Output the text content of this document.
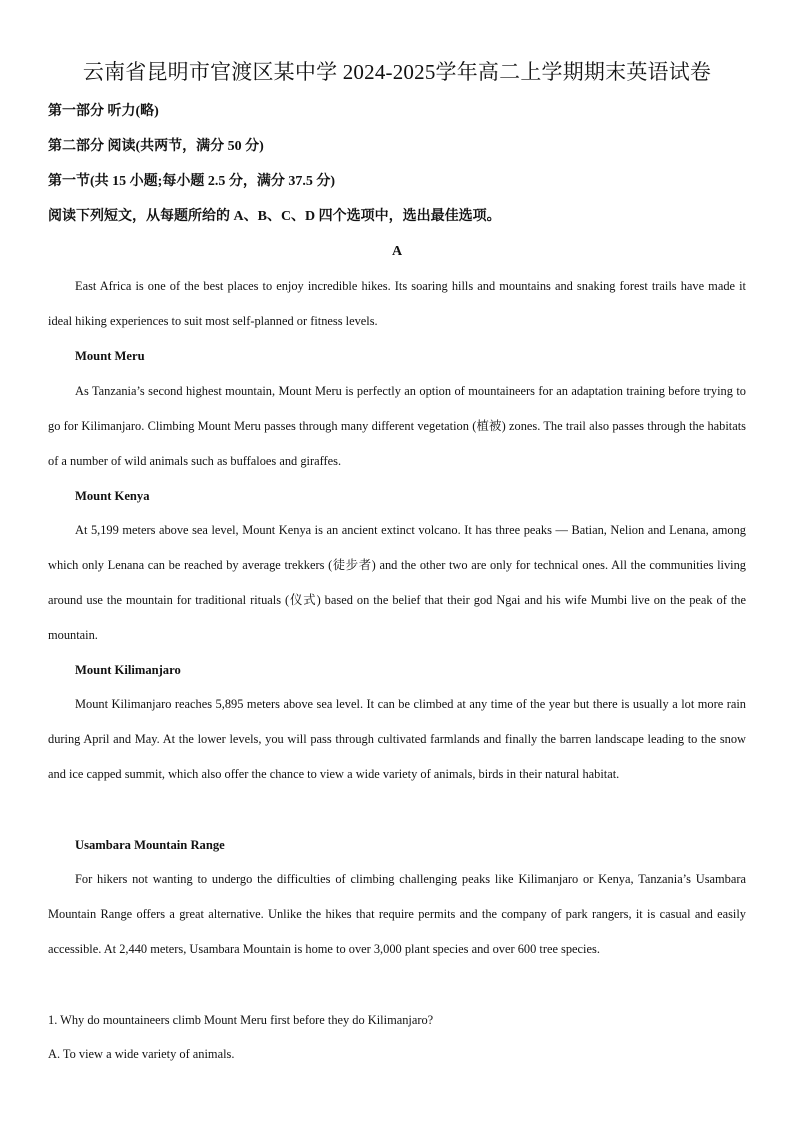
云南省昆明市官渡区某中学 2024-2025学年高二上学期期末英语试卷
第一部分 听力(略)
第二部分 阅读(共两节，满分 50 分)
第一节(共 15 小题;每小题 2.5 分，满分 37.5 分)
阅读下列短文，从每题所给的 A、B、C、D 四个选项中，选出最佳选项。
A

East Africa is one of the best places to enjoy incredible hikes. Its soaring hills and mountains and snaking forest trails have made it ideal hiking experiences to suit most self-planned or fitness levels.

Mount Meru

As Tanzania’s second highest mountain, Mount Meru is perfectly an option of mountaineers for an adaptation training before trying to go for Kilimanjaro. Climbing Mount Meru passes through many different vegetation (植被) zones. The trail also passes through the habitats of a number of wild animals such as buffaloes and giraffes.

Mount Kenya

At 5,199 meters above sea level, Mount Kenya is an ancient extinct volcano. It has three peaks — Batian, Nelion and Lenana, among which only Lenana can be reached by average trekkers (徒步者) and the other two are only for technical ones. All the communities living around use the mountain for traditional rituals (仪式) based on the belief that their god Ngai and his wife Mumbi live on the peak of the mountain.

Mount Kilimanjaro

Mount Kilimanjaro reaches 5,895 meters above sea level. It can be climbed at any time of the year but there is usually a lot more rain during April and May. At the lower levels, you will pass through cultivated farmlands and finally the barren landscape leading to the snow and ice capped summit, which also offer the chance to view a wide variety of animals, birds in their natural habitat.

Usambara Mountain Range

For hikers not wanting to undergo the difficulties of climbing challenging peaks like Kilimanjaro or Kenya, Tanzania’s Usambara Mountain Range offers a great alternative. Unlike the hikes that require permits and the company of park rangers, it is casual and easily accessible. At 2,440 meters, Usambara Mountain is home to over 3,000 plant species and over 600 tree species.

1. Why do mountaineers climb Mount Meru first before they do Kilimanjaro?
A. To view a wide variety of animals.
